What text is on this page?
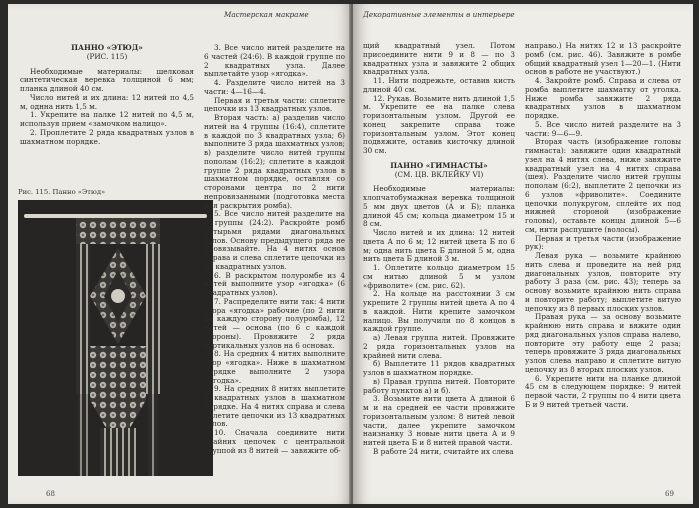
Мастерская макраме

ПАННО «ЭТЮД»

(РИС. 115)

Необходимые материалы: шелковая синтетическая веревка толщиной 6 мм; планка длиной 40 см.

Число нитей и их длина: 12 нитей по 4,5 м, однна нить 1,5 м.

1. Укрепите на палке 12 нитей по 4,5 м, используя прием «замочком налицо».

2. Проплетите 2 ряда квадратных узлов в шахматном порядке.

Рис. 115. Панно «Этюд»

3. Все число нитей разделите на 6 частей (24:6). В каждой группе по 2 квадратных узла. Далее выплетайте узор «ягодка».

4. Разделите число нитей на 3 части: 4—16—4.

Первая и третья части: сплетите цепочки из 13 квадратных узлов.

Вторая часть: а) разделив число нитей на 4 группы (16:4), сплетите в каждой по 3 квадратных узла; б) выполните 3 ряда шахматных узлов; в) разделите число нитей группы пополам (16:2); сплетите в каждой группе 2 ряда квадратных узлов в шахматном порядке, оставляя со сторонами центра по 2 нити непровязанными (подготовка места для раскрытия ромба).

5. Все число нитей разделите на 2 группы (24:2). Раскройте ромб четырьмя рядами диагональных узлов. Основу предыдущего ряда не провязывайте. На 4 нитях основ справа и слева сплетите цепочки из 14 квадратных узлов.

6. В раскрытом полуромбе из 4 нитей выполните узор «ягодка» (6 квадратных узлов).

7. Распределите нити так: 4 нити узора «ягодка» рабочие (по 2 нити на каждую сторону полуромба), 12 нитей — основа (по 6 с каждой стороны). Провяжите 2 ряда вертикальных узлов на 6 основах.

8. На средних 4 нитях выполните узор «ягодка». Ниже в шахматном порядке выполните 2 узора «ягодка».

9. На средних 8 нитях выплетите 9 квадратных узлов в шахматном порядке. На 4 нитях справа и слева сплетите цепочки из 13 квадратных узлов.

10. Сначала соедините нити крайних цепочек с центральной группой из 8 нитей — завяжите об-

68
Декоративные элементы в интерьере

щий квадратный узел. Потом присоедините нити 9 и 8 — по 3 квадратных узла и завяжите 2 общих квадратных узла.

11. Нити подрежьте, оставив кисть длиной 40 см.

12. Рукав. Возьмите нить длиной 1,5 м. Укрепите ее на палке слева горизонтальным узлом. Другой ее конец закрепите справа тоже горизонтальным узлом. Этот конец подвяжите, оставив кисточку длиной 30 см.

ПАННО «ГИМНАСТЫ»

(СМ. ЦВ. ВКЛЕЙКУ VI)

Необходимые материалы: хлопчатобумажная веревка толщиной 5 мм двух цветов (А и Б); планка длиной 45 см; кольца диаметром 15 и 8 см.

Число нитей и их длина: 12 нитей цвета А по 6 м; 12 нитей цвета Б по 6 м; одна нить цвета Б длиной 5 м, одна нить цвета Б длиной 3 м.

1. Оплетите кольцо диаметром 15 см нитью длиной 5 м узлом «фриволите» (см. рис. 62).

2. На кольце на расстоянии 3 см укрепите 2 группы нитей цвета А по 4 в каждой. Нити крепите замочком налицо. Вы получили по 8 концов в каждой группе.

а) Левая группа нитей. Провяжите 2 ряда горизонтальных узлов на крайней нити слева.

б) Выплетите 11 рядов квадратных узлов в шахматном порядке.

в) Правая группа нитей. Повторите работу пунктов а) и б).

3. Возьмите нити цвета А длиной 6 м и на средней ее части провяжите горизонтальным узлом: 8 нитей левой части, далее укрепите замочком наизнанку 3 новые нити цвета А и 9 нитей цвета Б и 8 нитей правой части.

В работе 24 нити, считайте их слева

направо.) На нитях 12 и 13 раскройте ромб (см. рис. 46). Завяжите в ромбе общий квадратный узел 1—20—1. (Нити основ в работе не участвуют.)

4. Закройте ромб. Справа и слева от ромба выплетите шахматку от уголка. Ниже ромба завяжите 2 ряда квадратных узлов в шахматном порядке.

5. Все число нитей разделите на 3 части: 9—6—9.

Вторая часть (изображение головы гимнаста): завяжите один квадратный узел на 4 нитях слева, ниже завяжите квадратный узел на 4 нитях справа (шея). Разделите число нитей группы пополам (6:2), выплетите 2 цепочки из 6 узлов «фриволите». Соедините цепочки полукругом, сплейте их под нижней стороной (изображение головы), оставьте концы длиной 5—6 см, нити распушите (волосы).

Первая и третья части (изображение рук):

Левая рука — возьмите крайнюю нить слева и проведите на ней ряд диагональных узлов, повторите эту работу 3 раза (см. рис. 43); теперь за основу возьмите крайнюю нить справа и повторите работу; выплетите витую цепочку из 8 первых плоских узлов.

Правая рука — за основу возьмите крайнюю нить справа и вяжите один ряд диагональных узлов справа налево, повторите эту работу еще 2 раза; теперь провяжите 3 ряда диагональных узлов слева направо и сплетите витую цепочку из 8 вторых плоских узлов.

6. Укрепите нити на планке длиной 45 см в следующем порядке: 9 нитей первой части, 2 группы по 4 нити цвета Б и 9 нитей третьей части.

69
